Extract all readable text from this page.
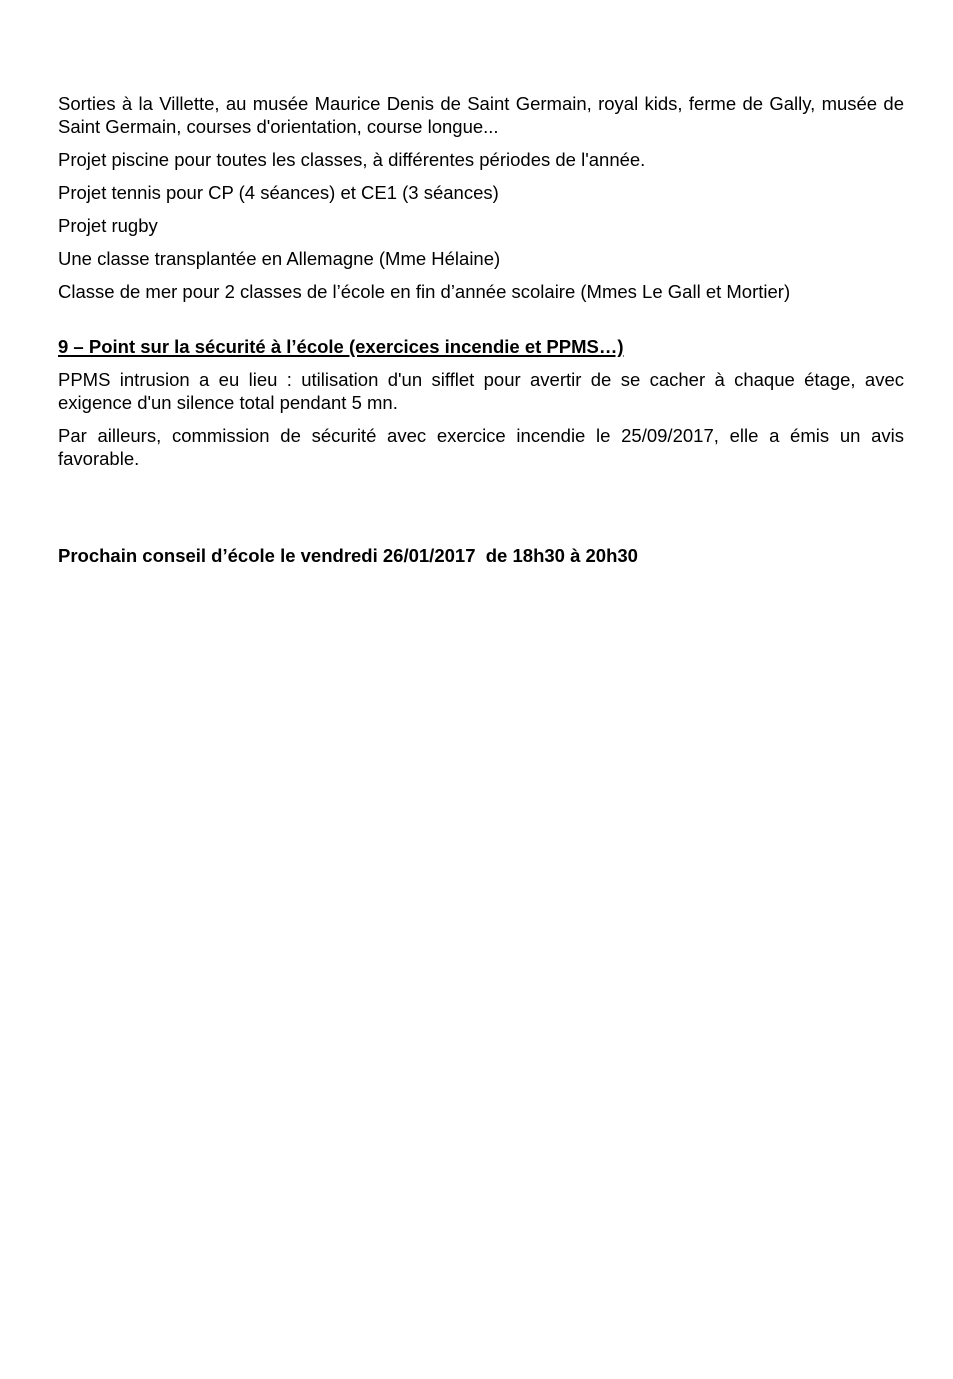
Sorties à la Villette, au musée Maurice Denis de Saint Germain, royal kids, ferme de Gally, musée de Saint Germain, courses d'orientation, course longue...

Projet piscine pour toutes les classes, à différentes périodes de l'année.

Projet tennis pour CP (4 séances) et CE1 (3 séances)

Projet rugby

Une classe transplantée en Allemagne (Mme Hélaine)

Classe de mer pour 2 classes de l’école en fin d’année scolaire (Mmes Le Gall et Mortier)

9 – Point sur la sécurité à l’école (exercices incendie et PPMS…)

PPMS intrusion a eu lieu : utilisation d'un sifflet pour avertir de se cacher à chaque étage, avec exigence d'un silence total pendant 5 mn.

Par ailleurs, commission de sécurité avec exercice incendie le 25/09/2017, elle a émis un avis favorable.

Prochain conseil d’école le vendredi 26/01/2017  de 18h30 à 20h30
